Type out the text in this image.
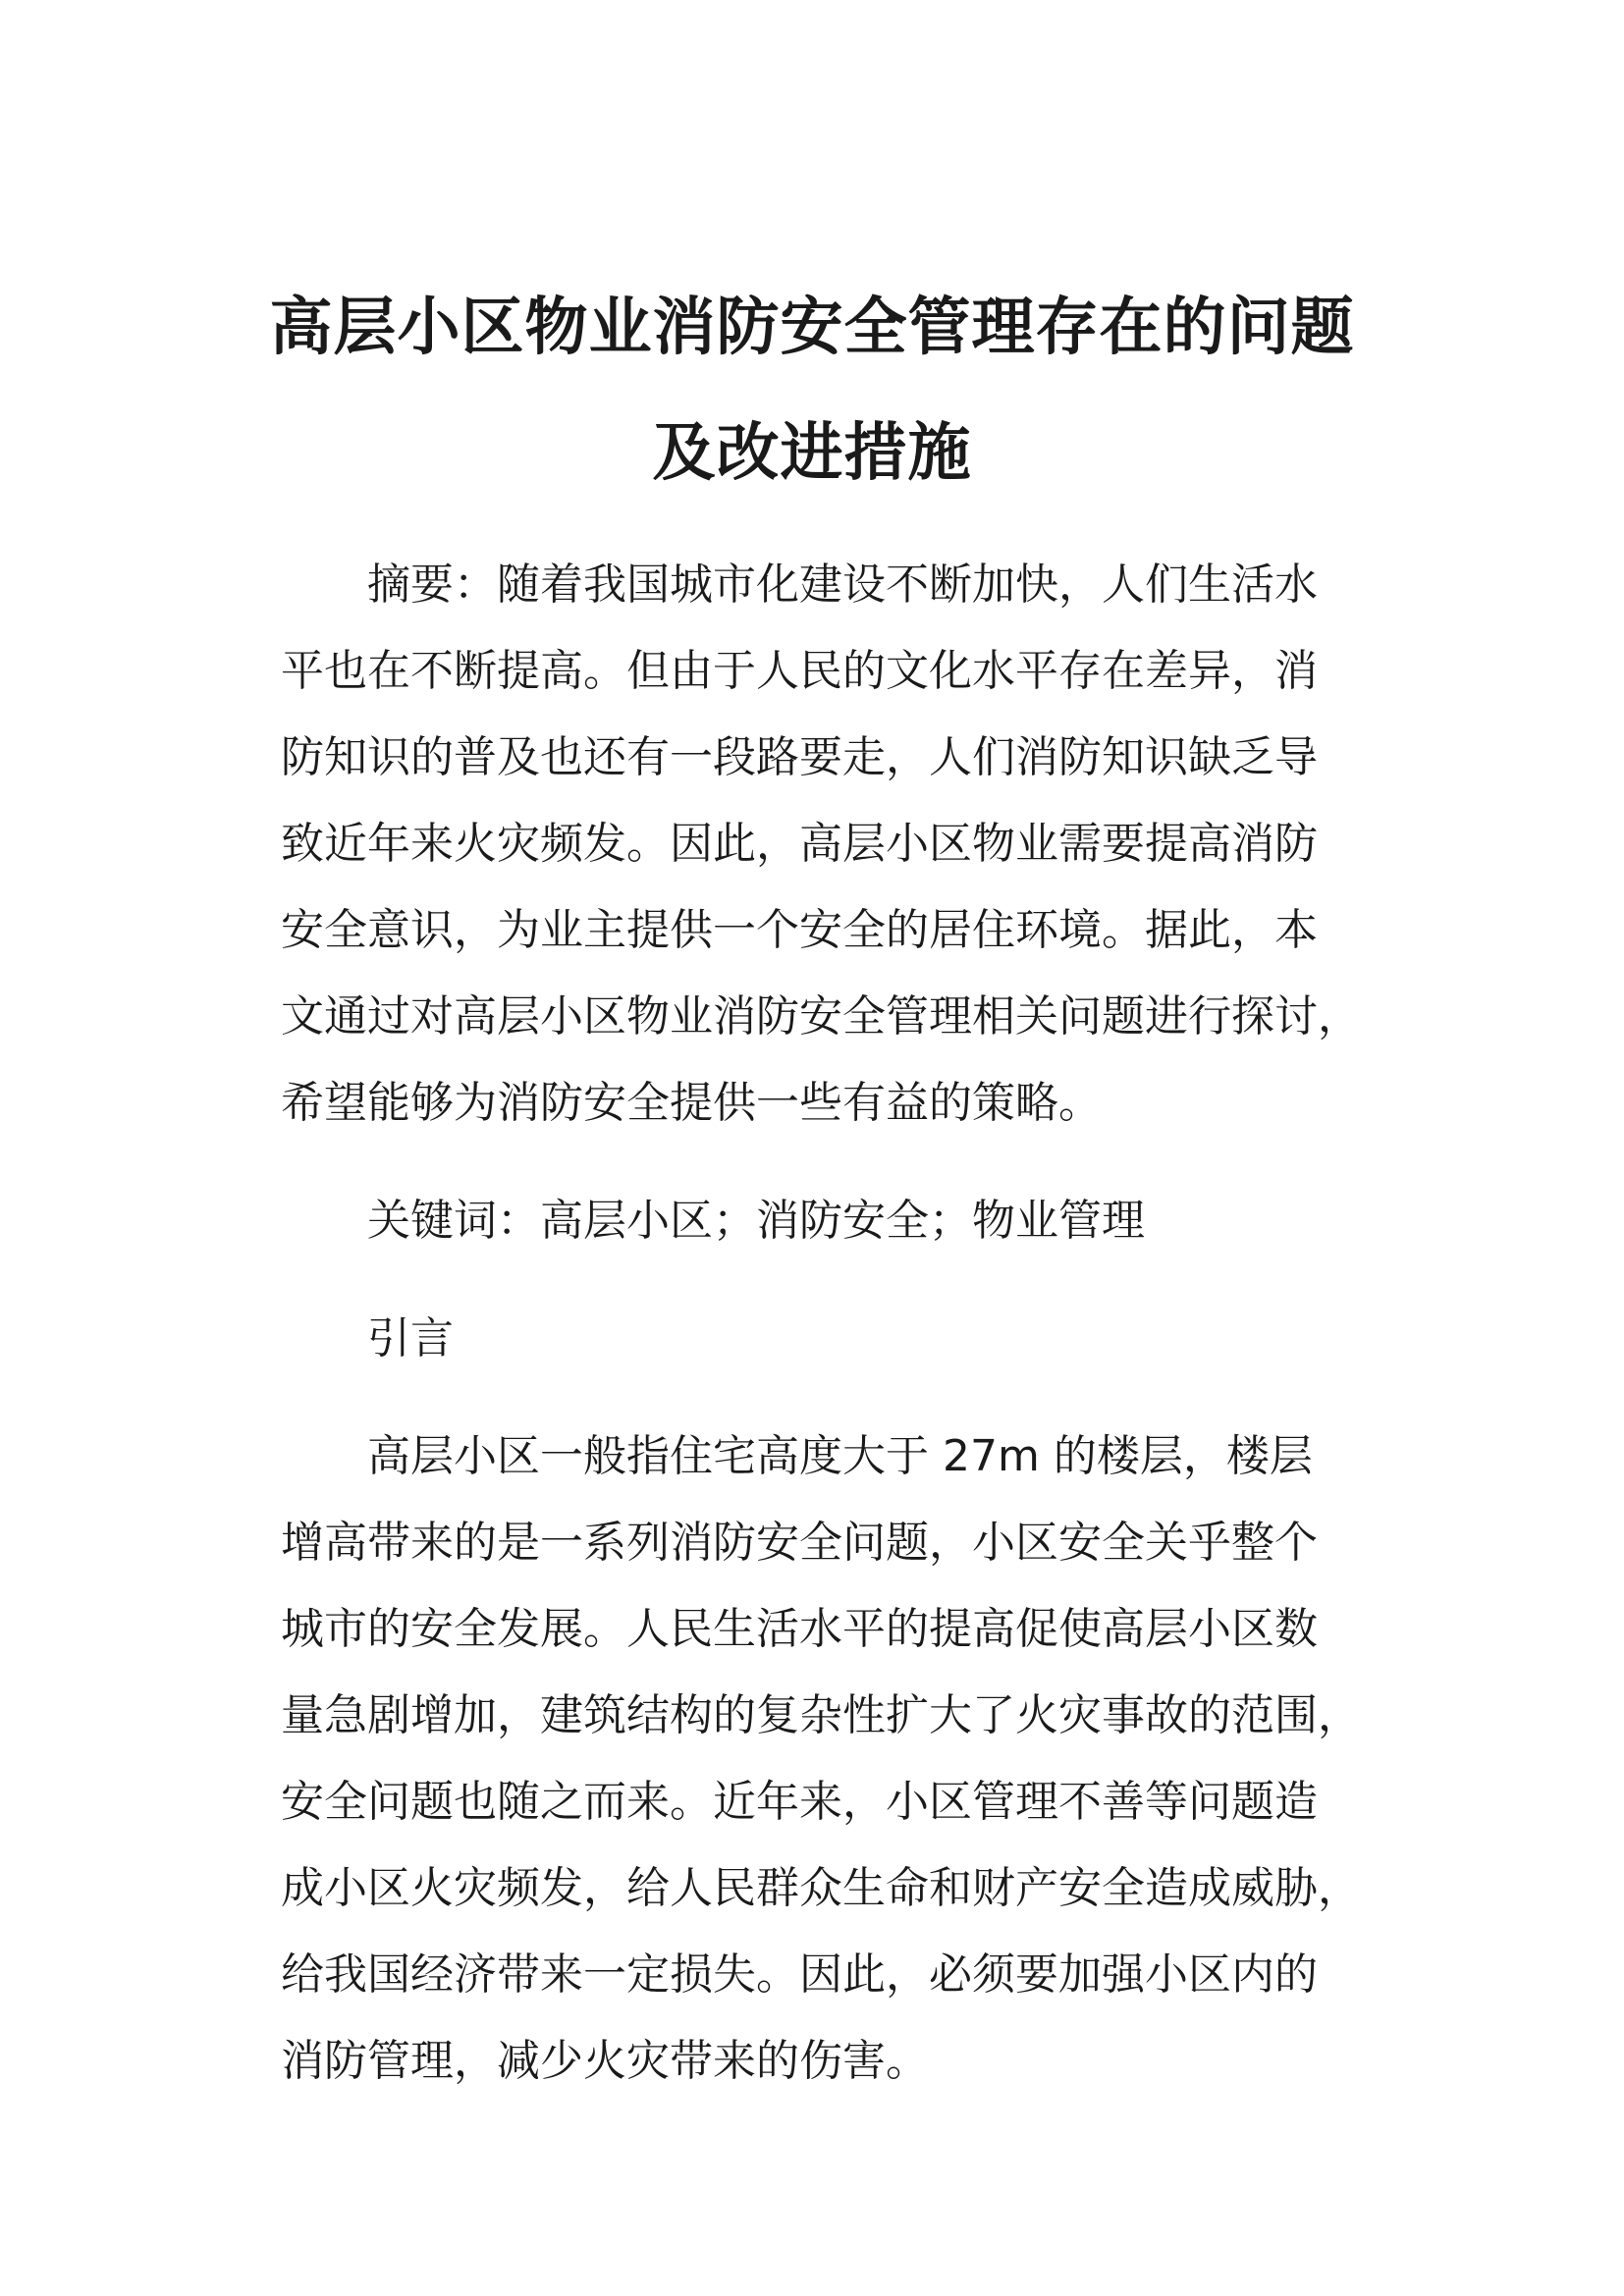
高层小区物业消防安全管理存在的问题
及改进措施

摘要：随着我国城市化建设不断加快，人们生活水
平也在不断提高。但由于人民的文化水平存在差异，消
防知识的普及也还有一段路要走，人们消防知识缺乏导
致近年来火灾频发。因此，高层小区物业需要提高消防
安全意识，为业主提供一个安全的居住环境。据此，本
文通过对高层小区物业消防安全管理相关问题进行探讨，
希望能够为消防安全提供一些有益的策略。

关键词：高层小区；消防安全；物业管理

引言

高层小区一般指住宅高度大于 27m 的楼层，楼层
增高带来的是一系列消防安全问题，小区安全关乎整个
城市的安全发展。人民生活水平的提高促使高层小区数
量急剧增加，建筑结构的复杂性扩大了火灾事故的范围，
安全问题也随之而来。近年来，小区管理不善等问题造
成小区火灾频发，给人民群众生命和财产安全造成威胁，
给我国经济带来一定损失。因此，必须要加强小区内的
消防管理，减少火灾带来的伤害。
